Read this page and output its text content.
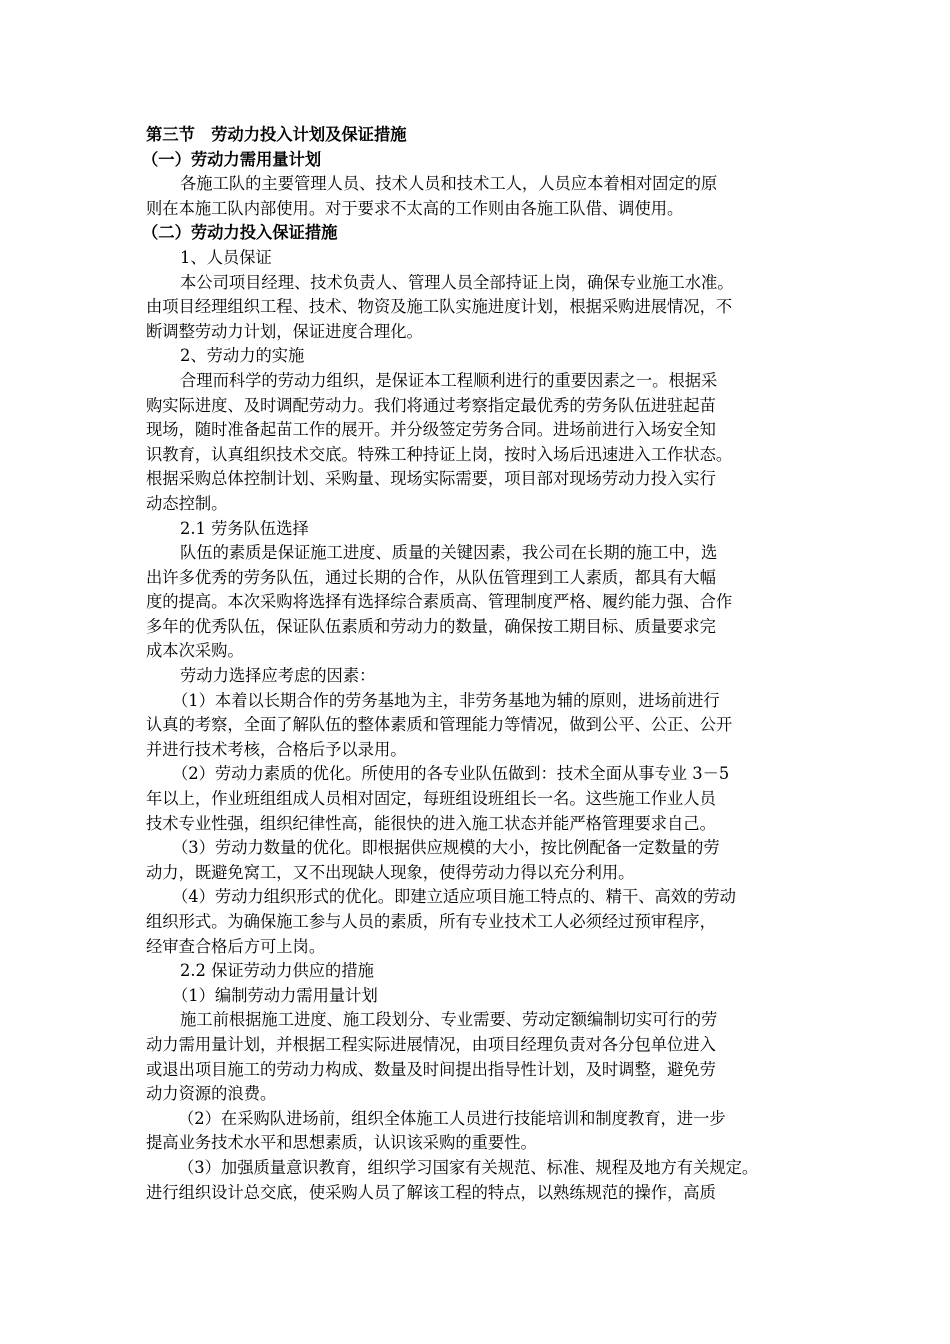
第三节　劳动力投入计划及保证措施
（一）劳动力需用量计划
各施工队的主要管理人员、技术人员和技术工人，人员应本着相对固定的原
则在本施工队内部使用。对于要求不太高的工作则由各施工队借、调使用。
（二）劳动力投入保证措施
1、人员保证
本公司项目经理、技术负责人、管理人员全部持证上岗，确保专业施工水准。
由项目经理组织工程、技术、物资及施工队实施进度计划，根据采购进展情况，不
断调整劳动力计划，保证进度合理化。
2、劳动力的实施
合理而科学的劳动力组织，是保证本工程顺利进行的重要因素之一。根据采
购实际进度、及时调配劳动力。我们将通过考察指定最优秀的劳务队伍进驻起苗
现场，随时准备起苗工作的展开。并分级签定劳务合同。进场前进行入场安全知
识教育，认真组织技术交底。特殊工种持证上岗，按时入场后迅速进入工作状态。
根据采购总体控制计划、采购量、现场实际需要，项目部对现场劳动力投入实行
动态控制。
2.1 劳务队伍选择
队伍的素质是保证施工进度、质量的关键因素，我公司在长期的施工中，选
出许多优秀的劳务队伍，通过长期的合作，从队伍管理到工人素质，都具有大幅
度的提高。本次采购将选择有选择综合素质高、管理制度严格、履约能力强、合作
多年的优秀队伍，保证队伍素质和劳动力的数量，确保按工期目标、质量要求完
成本次采购。
劳动力选择应考虑的因素：
（1）本着以长期合作的劳务基地为主，非劳务基地为辅的原则，进场前进行
认真的考察，全面了解队伍的整体素质和管理能力等情况，做到公平、公正、公开
并进行技术考核，合格后予以录用。
（2）劳动力素质的优化。所使用的各专业队伍做到：技术全面从事专业 3－5
年以上，作业班组组成人员相对固定，每班组设班组长一名。这些施工作业人员
技术专业性强，组织纪律性高，能很快的进入施工状态并能严格管理要求自己。
（3）劳动力数量的优化。即根据供应规模的大小，按比例配备一定数量的劳
动力，既避免窝工，又不出现缺人现象，使得劳动力得以充分利用。
（4）劳动力组织形式的优化。即建立适应项目施工特点的、精干、高效的劳动
组织形式。为确保施工参与人员的素质，所有专业技术工人必须经过预审程序，
经审查合格后方可上岗。
2.2 保证劳动力供应的措施
（1）编制劳动力需用量计划
施工前根据施工进度、施工段划分、专业需要、劳动定额编制切实可行的劳
动力需用量计划，并根据工程实际进展情况，由项目经理负责对各分包单位进入
或退出项目施工的劳动力构成、数量及时间提出指导性计划，及时调整，避免劳
动力资源的浪费。
（2）在采购队进场前，组织全体施工人员进行技能培训和制度教育，进一步
提高业务技术水平和思想素质，认识该采购的重要性。
（3）加强质量意识教育，组织学习国家有关规范、标准、规程及地方有关规定。
进行组织设计总交底，使采购人员了解该工程的特点，以熟练规范的操作，高质
